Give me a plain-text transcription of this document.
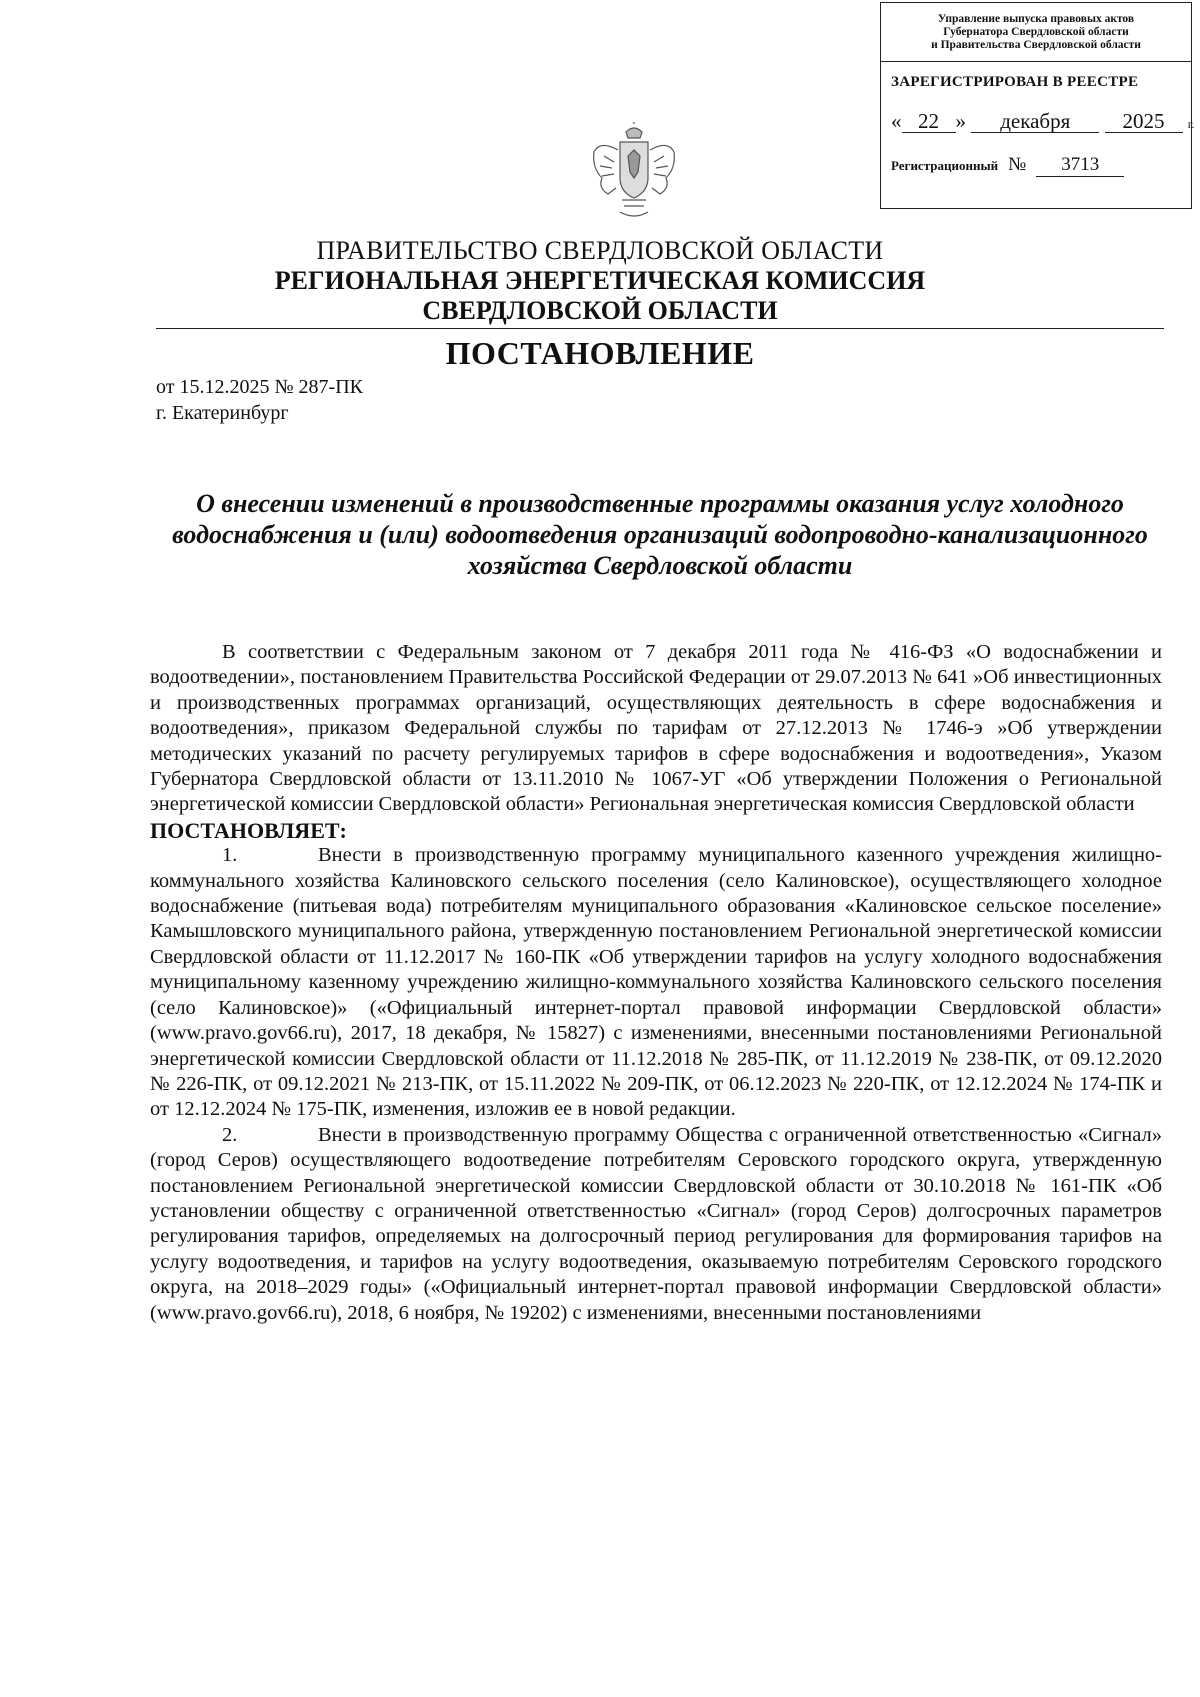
Управление выпуска правовых актов
Губернатора Свердловской области
и Правительства Свердловской области
ЗАРЕГИСТРИРОВАН В РЕЕСТРЕ
« 22 » декабря 2025 г.
Регистрационный № 3713
ПРАВИТЕЛЬСТВО СВЕРДЛОВСКОЙ ОБЛАСТИ
РЕГИОНАЛЬНАЯ ЭНЕРГЕТИЧЕСКАЯ КОМИССИЯ
СВЕРДЛОВСКОЙ ОБЛАСТИ
ПОСТАНОВЛЕНИЕ
от 15.12.2025 № 287-ПК
г. Екатеринбург
О внесении изменений в производственные программы оказания услуг холодного водоснабжения и (или) водоотведения организаций водопроводно-канализационного хозяйства Свердловской области

В соответствии с Федеральным законом от 7 декабря 2011 года № 416-ФЗ «О водоснабжении и водоотведении», постановлением Правительства Российской Федерации от 29.07.2013 № 641 »Об инвестиционных и производственных программах организаций, осуществляющих деятельность в сфере водоснабжения и водоотведения», приказом Федеральной службы по тарифам от 27.12.2013 № 1746-э »Об утверждении методических указаний по расчету регулируемых тарифов в сфере водоснабжения и водоотведения», Указом Губернатора Свердловской области от 13.11.2010 № 1067-УГ «Об утверждении Положения о Региональной энергетической комиссии Свердловской области» Региональная энергетическая комиссия Свердловской области

ПОСТАНОВЛЯЕТ:

1.	Внести в производственную программу муниципального казенного учреждения жилищно-коммунального хозяйства Калиновского сельского поселения (село Калиновское), осуществляющего холодное водоснабжение (питьевая вода) потребителям муниципального образования «Калиновское сельское поселение» Камышловского муниципального района, утвержденную постановлением Региональной энергетической комиссии Свердловской области от 11.12.2017 № 160-ПК «Об утверждении тарифов на услугу холодного водоснабжения муниципальному казенному учреждению жилищно-коммунального хозяйства Калиновского сельского поселения (село Калиновское)» («Официальный интернет-портал правовой информации Свердловской области» (www.pravo.gov66.ru), 2017, 18 декабря, № 15827) с изменениями, внесенными постановлениями Региональной энергетической комиссии Свердловской области от 11.12.2018 № 285-ПК, от 11.12.2019 № 238-ПК, от 09.12.2020 № 226-ПК, от 09.12.2021 № 213-ПК, от 15.11.2022 № 209-ПК, от 06.12.2023 № 220-ПК, от 12.12.2024 № 174-ПК и от 12.12.2024 № 175-ПК, изменения, изложив ее в новой редакции.

2.	Внести в производственную программу Общества с ограниченной ответственностью «Сигнал» (город Серов) осуществляющего водоотведение потребителям Серовского городского округа, утвержденную постановлением Региональной энергетической комиссии Свердловской области от 30.10.2018 № 161-ПК «Об установлении обществу с ограниченной ответственностью «Сигнал» (город Серов) долгосрочных параметров регулирования тарифов, определяемых на долгосрочный период регулирования для формирования тарифов на услугу водоотведения, и тарифов на услугу водоотведения, оказываемую потребителям Серовского городского округа, на 2018–2029 годы» («Официальный интернет-портал правовой информации Свердловской области» (www.pravo.gov66.ru), 2018, 6 ноября, № 19202) с изменениями, внесенными постановлениями
